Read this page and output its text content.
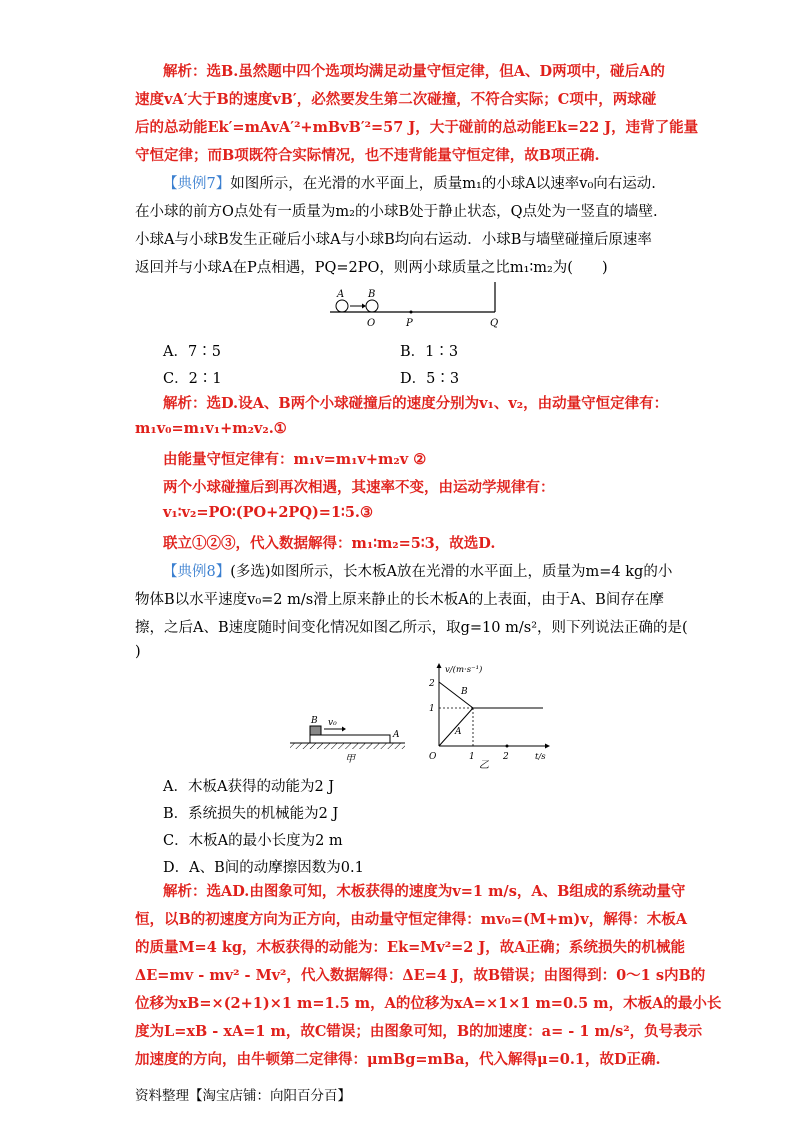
解析：选B.虽然题中四个选项均满足动量守恒定律，但A、D两项中，碰后A的
速度vA′大于B的速度vB′，必然要发生第二次碰撞，不符合实际；C项中，两球碰
后的总动能Ek′=mAvA′²+mBvB′²=57 J，大于碰前的总动能Ek=22 J，违背了能量
守恒定律；而B项既符合实际情况，也不违背能量守恒定律，故B项正确.
【典例7】如图所示，在光滑的水平面上，质量m₁的小球A以速率v₀向右运动.
在小球的前方O点处有一质量为m₂的小球B处于静止状态，Q点处为一竖直的墙壁.
小球A与小球B发生正碰后小球A与小球B均向右运动．小球B与墙壁碰撞后原速率
返回并与小球A在P点相遇，PQ=2PO，则两小球质量之比m₁∶m₂为(　　)
A B
O	P	Q
A．7∶5	B．1∶3
C．2∶1	D．5∶3
解析：选D.设A、B两个小球碰撞后的速度分别为v₁、v₂，由动量守恒定律有：
m₁v₀=m₁v₁+m₂v₂.①
由能量守恒定律有：m₁v=m₁v+m₂v ②
两个小球碰撞后到再次相遇，其速率不变，由运动学规律有：
v₁∶v₂=PO∶(PO+2PQ)=1∶5.③
联立①②③，代入数据解得：m₁∶m₂=5∶3，故选D.
【典例8】(多选)如图所示，长木板A放在光滑的水平面上，质量为m=4 kg的小
物体B以水平速度v₀=2 m/s滑上原来静止的长木板A的上表面，由于A、B间存在摩
擦，之后A、B速度随时间变化情况如图乙所示，取g=10 m/s²，则下列说法正确的是(
)
B v₀
A
甲
v/(m·s⁻¹)
t/s
2
1
O	1	2
B
A
乙
A．木板A获得的动能为2 J
B．系统损失的机械能为2 J
C．木板A的最小长度为2 m
D．A、B间的动摩擦因数为0.1
解析：选AD.由图象可知，木板获得的速度为v=1 m/s，A、B组成的系统动量守
恒，以B的初速度方向为正方向，由动量守恒定律得：mv₀=(M+m)v，解得：木板A
的质量M=4 kg，木板获得的动能为：Ek=Mv²=2 J，故A正确；系统损失的机械能
ΔE=mv - mv² - Mv²，代入数据解得：ΔE=4 J，故B错误；由图得到：0～1 s内B的
位移为xB=×(2+1)×1 m=1.5 m，A的位移为xA=×1×1 m=0.5 m，木板A的最小长
度为L=xB - xA=1 m，故C错误；由图象可知，B的加速度：a= - 1 m/s²，负号表示
加速度的方向，由牛顿第二定律得：μmBg=mBa，代入解得μ=0.1，故D正确.
资料整理【淘宝店铺：向阳百分百】
